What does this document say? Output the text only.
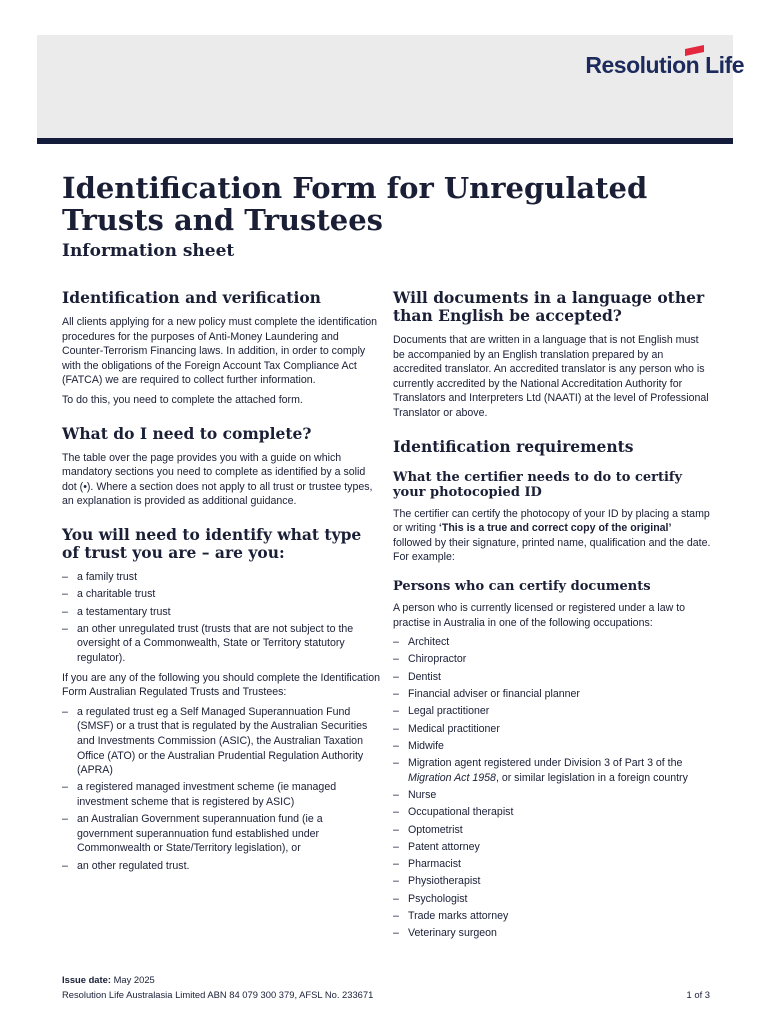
Resolution Life
Identification Form for Unregulated Trusts and Trustees
Information sheet
Identification and verification

All clients applying for a new policy must complete the identification procedures for the purposes of Anti-Money Laundering and Counter-Terrorism Financing laws. In addition, in order to comply with the obligations of the Foreign Account Tax Compliance Act (FATCA) we are required to collect further information.

To do this, you need to complete the attached form.

What do I need to complete?

The table over the page provides you with a guide on which mandatory sections you need to complete as identified by a solid dot (•). Where a section does not apply to all trust or trustee types, an explanation is provided as additional guidance.

You will need to identify what type of trust you are – are you:
– a family trust
– a charitable trust
– a testamentary trust
– an other unregulated trust (trusts that are not subject to the oversight of a Commonwealth, State or Territory statutory regulator).

If you are any of the following you should complete the Identification Form Australian Regulated Trusts and Trustees:

– a regulated trust eg a Self Managed Superannuation Fund (SMSF) or a trust that is regulated by the Australian Securities and Investments Commission (ASIC), the Australian Taxation Office (ATO) or the Australian Prudential Regulation Authority (APRA)
– a registered managed investment scheme (ie managed investment scheme that is registered by ASIC)
– an Australian Government superannuation fund (ie a government superannuation fund established under Commonwealth or State/Territory legislation), or
– an other regulated trust.
Will documents in a language other than English be accepted?

Documents that are written in a language that is not English must be accompanied by an English translation prepared by an accredited translator. An accredited translator is any person who is currently accredited by the National Accreditation Authority for Translators and Interpreters Ltd (NAATI) at the level of Professional Translator or above.

Identification requirements
What the certifier needs to do to certify your photocopied ID

The certifier can certify the photocopy of your ID by placing a stamp or writing ‘This is a true and correct copy of the original’ followed by their signature, printed name, qualification and the date. For example:

Persons who can certify documents

A person who is currently licensed or registered under a law to practise in Australia in one of the following occupations:

– Architect
– Chiropractor
– Dentist
– Financial adviser or financial planner
– Legal practitioner
– Medical practitioner
– Midwife
– Migration agent registered under Division 3 of Part 3 of the Migration Act 1958, or similar legislation in a foreign country
– Nurse
– Occupational therapist
– Optometrist
– Patent attorney
– Pharmacist
– Physiotherapist
– Psychologist
– Trade marks attorney
– Veterinary surgeon
Issue date: May 2025
Resolution Life Australasia Limited ABN 84 079 300 379, AFSL No. 233671	1 of 3
